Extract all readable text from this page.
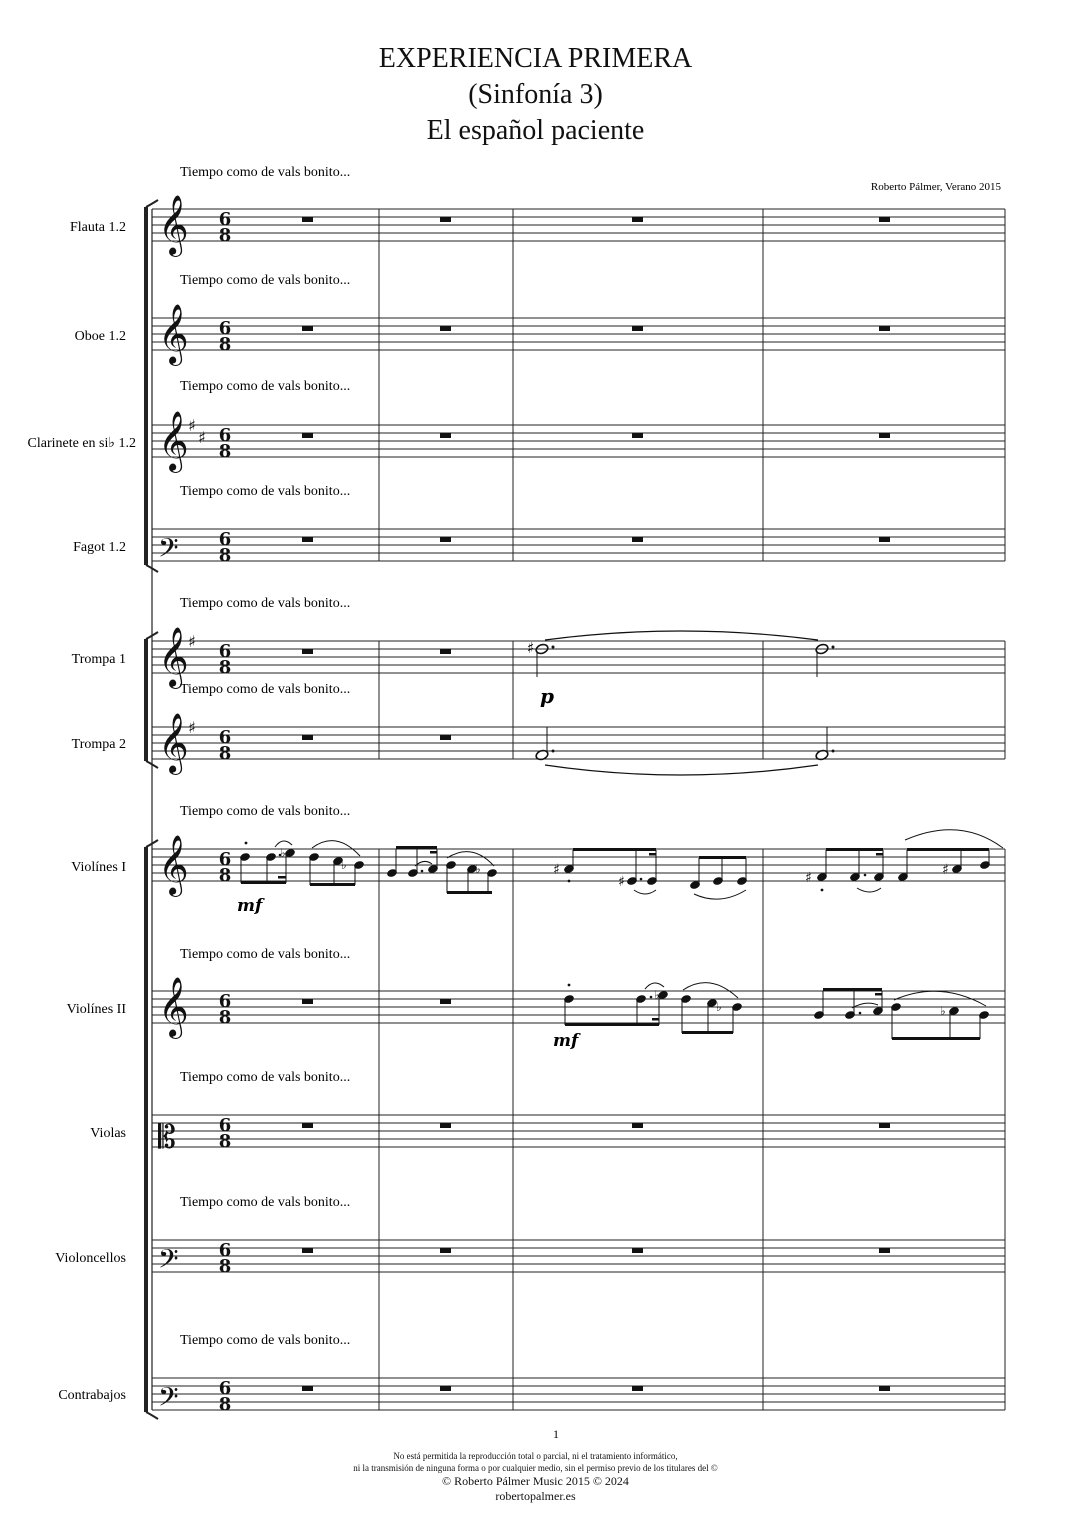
EXPERIENCIA PRIMERA
(Sinfonía 3)
El español paciente
Roberto Pálmer, Verano 2015
Tiempo como de vals bonito...
Tiempo como de vals bonito...
Tiempo como de vals bonito...
Tiempo como de vals bonito...
Tiempo como de vals bonito...
Tiempo como de vals bonito...
Tiempo como de vals bonito...
Tiempo como de vals bonito...
Tiempo como de vals bonito...
Tiempo como de vals bonito...
Tiempo como de vals bonito...
Flauta 1.2
Oboe 1.2
Clarinete en si♭ 1.2
Fagot 1.2
Trompa 1
Trompa 2
Violínes I
Violínes II
Violas
Violoncellos
Contrabajos
𝄞
𝄞
𝄞
𝄢
𝄞
𝄞
𝄞
𝄞
𝄡
𝄢
𝄢
♯
♯
♯
♯
6
8
6
8
6
8
6
8
6
8
6
8
6
8
6
8
6
8
6
8
6
8
♯
p
♭
♭	♭	♯
♯	♯	♯
mf
♭
♭	♭
mf
1
No está permitida la reproducción total o parcial, ni el tratamiento informático,
ni la transmisión de ninguna forma o por cualquier medio, sin el permiso previo de los titulares del ©
© Roberto Pálmer Music 2015 © 2024
robertopalmer.es
